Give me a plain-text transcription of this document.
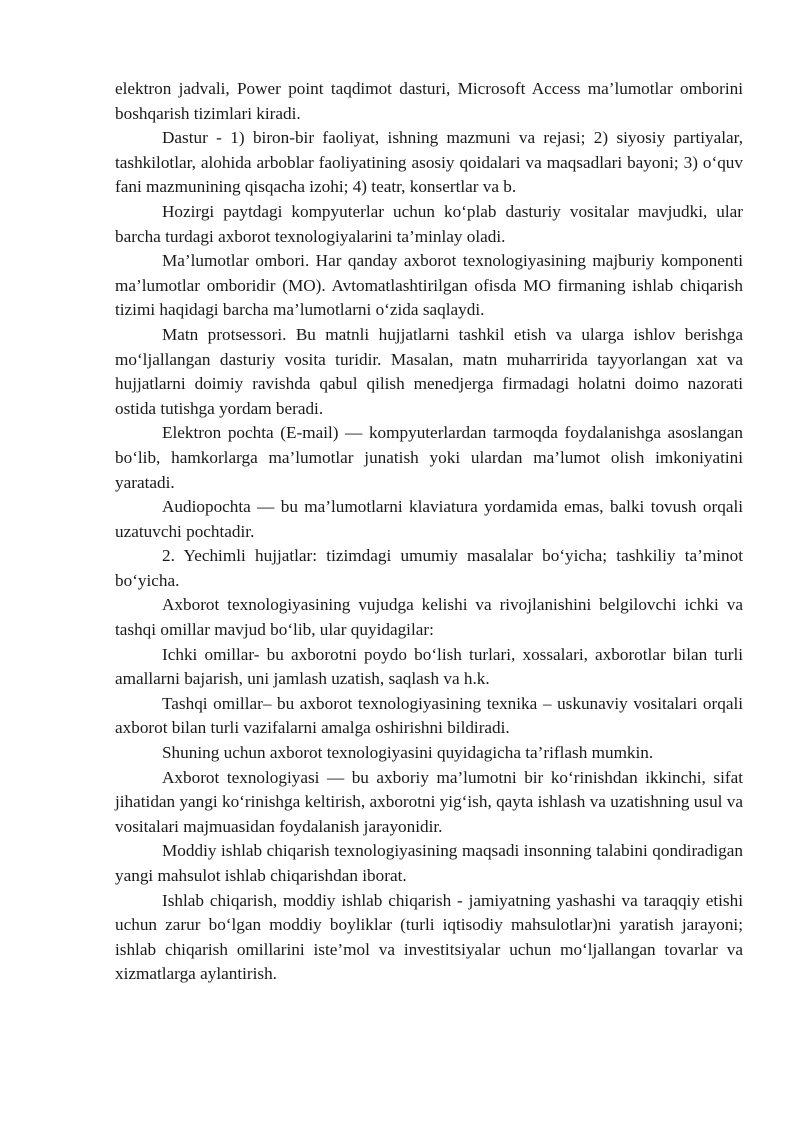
elektron jadvali, Power point taqdimot dasturi, Microsoft Access ma’lumotlar omborini boshqarish tizimlari kiradi.

Dastur - 1) biron-bir faoliyat, ishning mazmuni va rejasi; 2) siyosiy partiyalar, tashkilotlar, alohida arboblar faoliyatining asosiy qoidalari va maqsadlari bayoni; 3) o‘quv fani mazmunining qisqacha izohi; 4) teatr, konsertlar va b.

Hozirgi paytdagi kompyuterlar uchun ko‘plab dasturiy vositalar mavjudki, ular barcha turdagi axborot texnologiyalarini ta’minlay oladi.

Ma’lumotlar ombori. Har qanday axborot texnologiyasining majburiy komponenti ma’lumotlar omboridir (MO). Avtomatlashtirilgan ofisda MO firmaning ishlab chiqarish tizimi haqidagi barcha ma’lumotlarni o‘zida saqlaydi.

Matn protsessori. Bu matnli hujjatlarni tashkil etish va ularga ishlov berishga mo‘ljallangan dasturiy vosita turidir. Masalan, matn muharririda tayyorlangan xat va hujjatlarni doimiy ravishda qabul qilish menedjerga firmadagi holatni doimo nazorati ostida tutishga yordam beradi.

Elektron pochta (E-mail) — kompyuterlardan tarmoqda foydalanishga asoslangan bo‘lib, hamkorlarga ma’lumotlar junatish yoki ulardan ma’lumot olish imkoniyatini yaratadi.

Audiopochta — bu ma’lumotlarni klaviatura yordamida emas, balki tovush orqali uzatuvchi pochtadir.

2. Yechimli hujjatlar: tizimdagi umumiy masalalar bo‘yicha; tashkiliy ta’minot bo‘yicha.

Axborot texnologiyasining vujudga kelishi va rivojlanishini belgilovchi ichki va tashqi omillar mavjud bo‘lib, ular quyidagilar:

Ichki omillar- bu axborotni poydo bo‘lish turlari, xossalari, axborotlar bilan turli amallarni bajarish, uni jamlash uzatish, saqlash va h.k.

Tashqi omillar– bu axborot texnologiyasining texnika – uskunaviy vositalari orqali axborot bilan turli vazifalarni amalga oshirishni bildiradi.

Shuning uchun axborot texnologiyasini quyidagicha ta’riflash mumkin.

Axborot texnologiyasi — bu axboriy ma’lumotni bir ko‘rinishdan ikkinchi, sifat jihatidan yangi ko‘rinishga keltirish, axborotni yig‘ish, qayta ishlash va uzatishning usul va vositalari majmuasidan foydalanish jarayonidir.

Moddiy ishlab chiqarish texnologiyasining maqsadi insonning talabini qondiradigan yangi mahsulot ishlab chiqarishdan iborat.

Ishlab chiqarish, moddiy ishlab chiqarish - jamiyatning yashashi va taraqqiy etishi uchun zarur bo‘lgan moddiy boyliklar (turli iqtisodiy mahsulotlar)ni yaratish jarayoni; ishlab chiqarish omillarini iste’mol va investitsiyalar uchun mo‘ljallangan tovarlar va xizmatlarga aylantirish.
